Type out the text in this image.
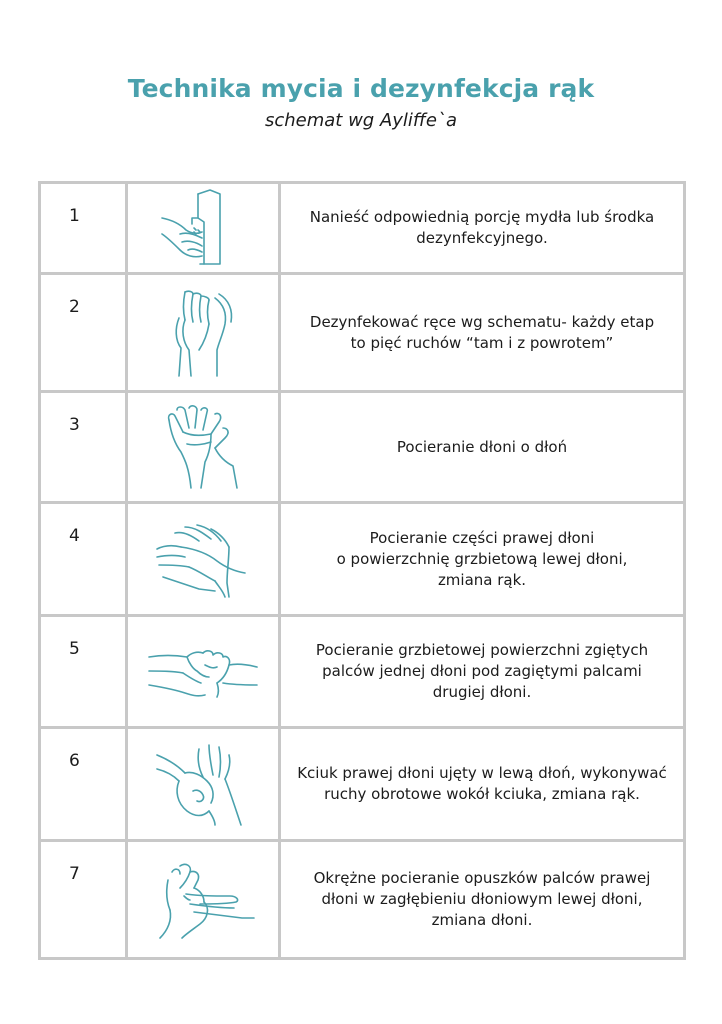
Technika mycia i dezynfekcja rąk
schemat wg Ayliffe`a
1		Nanieść odpowiednią porcję mydła lub środka
dezynfekcyjnego.

2		Dezynfekować ręce wg schematu- każdy etap
to pięć ruchów “tam i z powrotem”

3		Pocieranie dłoni o dłoń

4		Pocieranie części prawej dłoni
o powierzchnię grzbietową lewej dłoni,
zmiana rąk.

5		Pocieranie grzbietowej powierzchni zgiętych
palców jednej dłoni pod zagiętymi palcami
drugiej dłoni.

6		Kciuk prawej dłoni ujęty w lewą dłoń, wykonywać
ruchy obrotowe wokół kciuka, zmiana rąk.

7		Okrężne pocieranie opuszków palców prawej
dłoni w zagłębieniu dłoniowym lewej dłoni,
zmiana dłoni.
